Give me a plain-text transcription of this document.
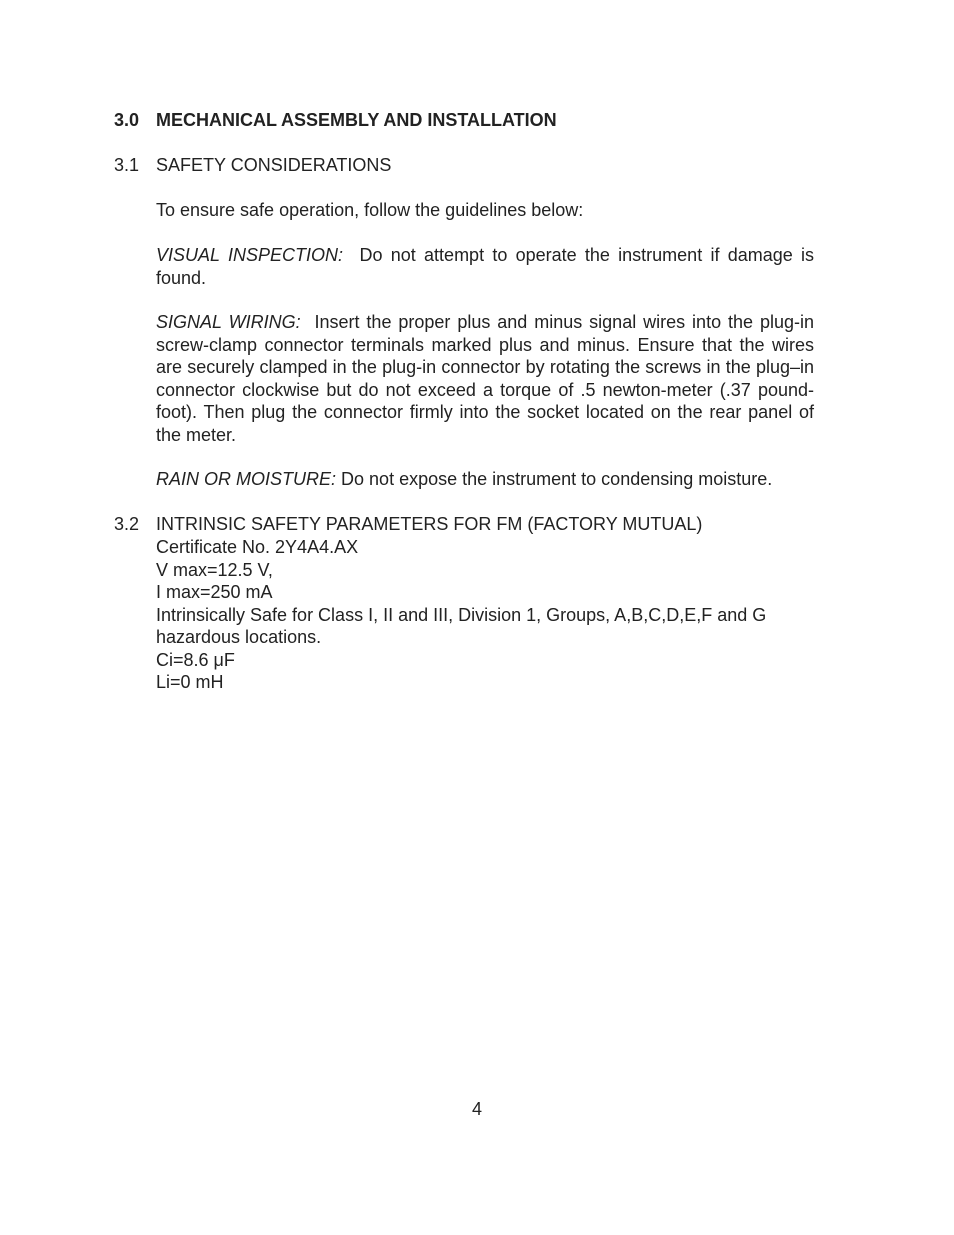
3.0 MECHANICAL ASSEMBLY AND INSTALLATION
3.1 SAFETY CONSIDERATIONS
To ensure safe operation, follow the guidelines below:
VISUAL INSPECTION: Do not attempt to operate the instrument if damage is found.
SIGNAL WIRING: Insert the proper plus and minus signal wires into the plug-in screw-clamp connector terminals marked plus and minus. Ensure that the wires are securely clamped in the plug-in connector by rotating the screws in the plug–in connector clockwise but do not exceed a torque of .5 newton-meter (.37 pound-foot). Then plug the connector firmly into the socket located on the rear panel of the meter.
RAIN OR MOISTURE: Do not expose the instrument to condensing moisture.
3.2 INTRINSIC SAFETY PARAMETERS FOR FM (FACTORY MUTUAL)
Certificate No. 2Y4A4.AX
V max=12.5 V,
I max=250 mA
Intrinsically Safe for Class I, II and III, Division 1, Groups, A,B,C,D,E,F and G hazardous locations.
Ci=8.6 μF
Li=0 mH
4
